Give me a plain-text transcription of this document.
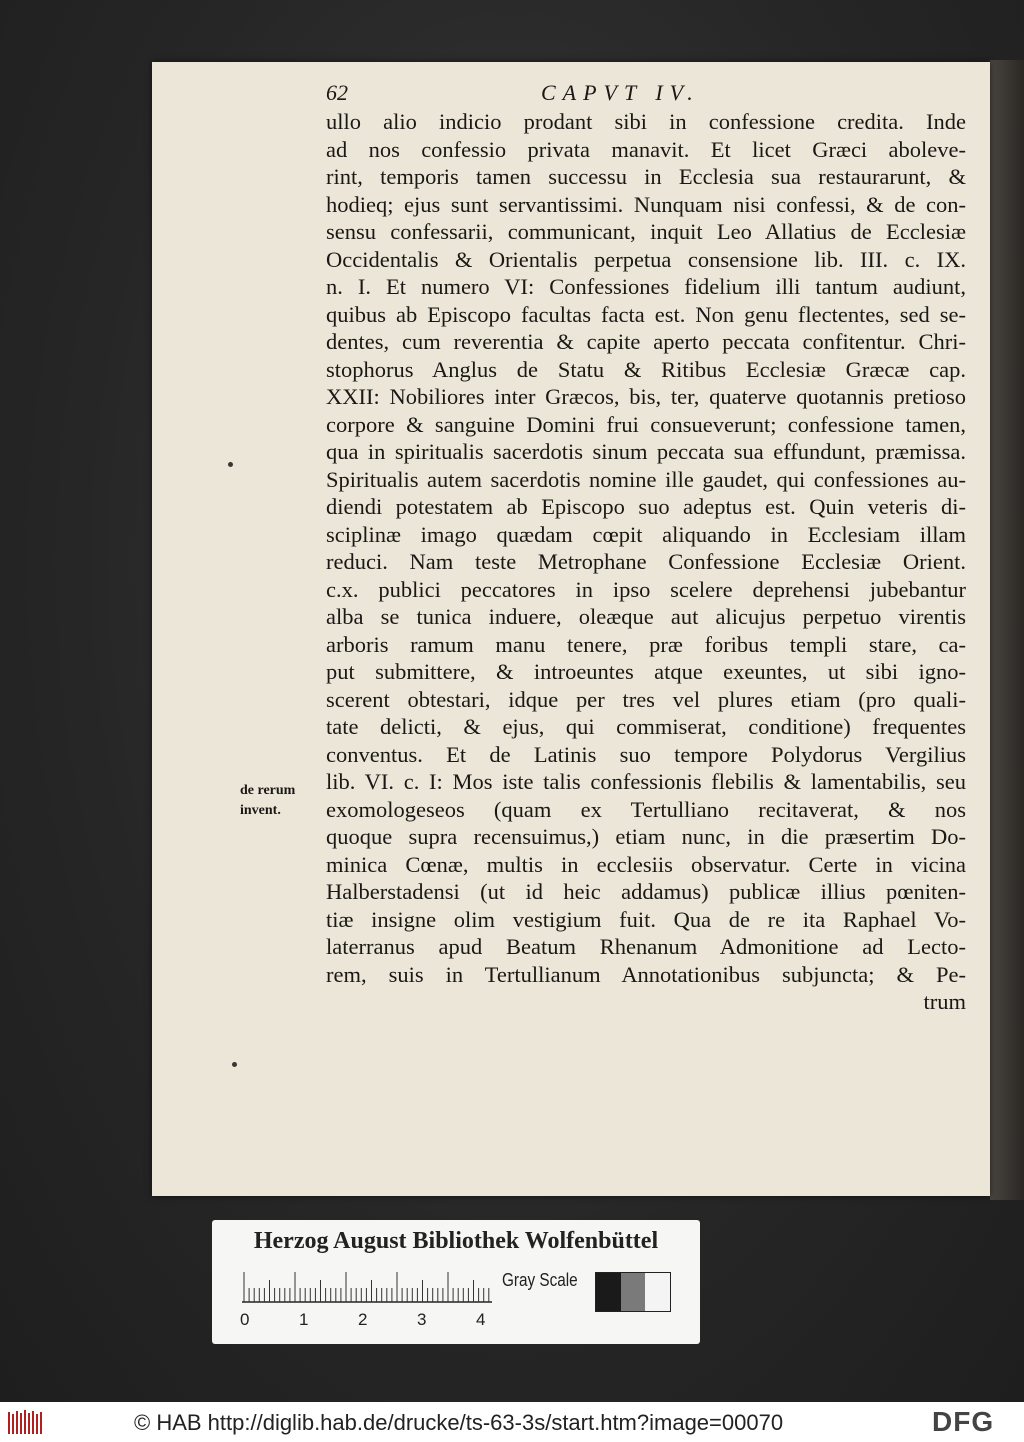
62	CAPVT IV.
ullo alio indicio prodant sibi in confessione credita. Inde
ad nos confessio privata manavit. Et licet Græci abolevе-
rint, temporis tamen successu in Ecclesia sua restaurarunt, &
hodieq; ejus sunt servantissimi. Nunquam nisi confessi, & de con-
sensu confessarii, communicant, inquit Leo Allatius de Ecclesiæ
Occidentalis & Orientalis perpetua consensione lib. III. c. IX.
n. I. Et numero VI: Confessiones fidelium illi tantum audiunt,
quibus ab Episcopo facultas facta est. Non genu flectentes, sed se-
dentes, cum reverentia & capite aperto peccata confitentur. Chri-
stophorus Anglus de Statu & Ritibus Ecclesiæ Græcæ cap.
XXII: Nobiliores inter Græcos, bis, ter, quaterve quotannis pretioso
corpore & sanguine Domini frui consueverunt; confessione tamen,
qua in spiritualis sacerdotis sinum peccata sua effundunt, præmissa.
Spiritualis autem sacerdotis nomine ille gaudet, qui confessiones au-
diendi potestatem ab Episcopo suo adeptus est. Quin veteris di-
sciplinæ imago quædam cœpit aliquando in Ecclesiam illam
reduci. Nam teste Metrophane Confessione Ecclesiæ Orient.
c.x. publici peccatores in ipso scelere deprehensi jubebantur
alba se tunica induere, oleæque aut alicujus perpetuo virentis
arboris ramum manu tenere, præ foribus templi stare, ca-
put submittere, & introeuntes atque exeuntes, ut sibi igno-
scerent obtestari, idque per tres vel plures etiam (pro quali-
tate delicti, & ejus, qui commiserat, conditione) frequentes
conventus. Et de Latinis suo tempore Polydorus Vergilius
lib. VI. c. I: Mos iste talis confessionis flebilis & lamentabilis, seu
exomologeseos (quam ex Tertulliano recitaverat, & nos
quoque supra recensuimus,) etiam nunc, in die præsertim Do-
minica Cœnæ, multis in ecclesiis observatur. Certe in vicina
Halberstadensi (ut id heic addamus) publicæ illius pœniten-
tiæ insigne olim vestigium fuit. Qua de re ita Raphael Vo-
laterranus apud Beatum Rhenanum Admonitione ad Lecto-
rem, suis in Tertullianum Annotationibus subjuncta; & Pe-
trum
de rerum
invent.
Herzog August Bibliothek Wolfenbüttel
0	1	2	3	4
Gray Scale
© HAB http://diglib.hab.de/drucke/ts-63-3s/start.htm?image=00070	DFG
